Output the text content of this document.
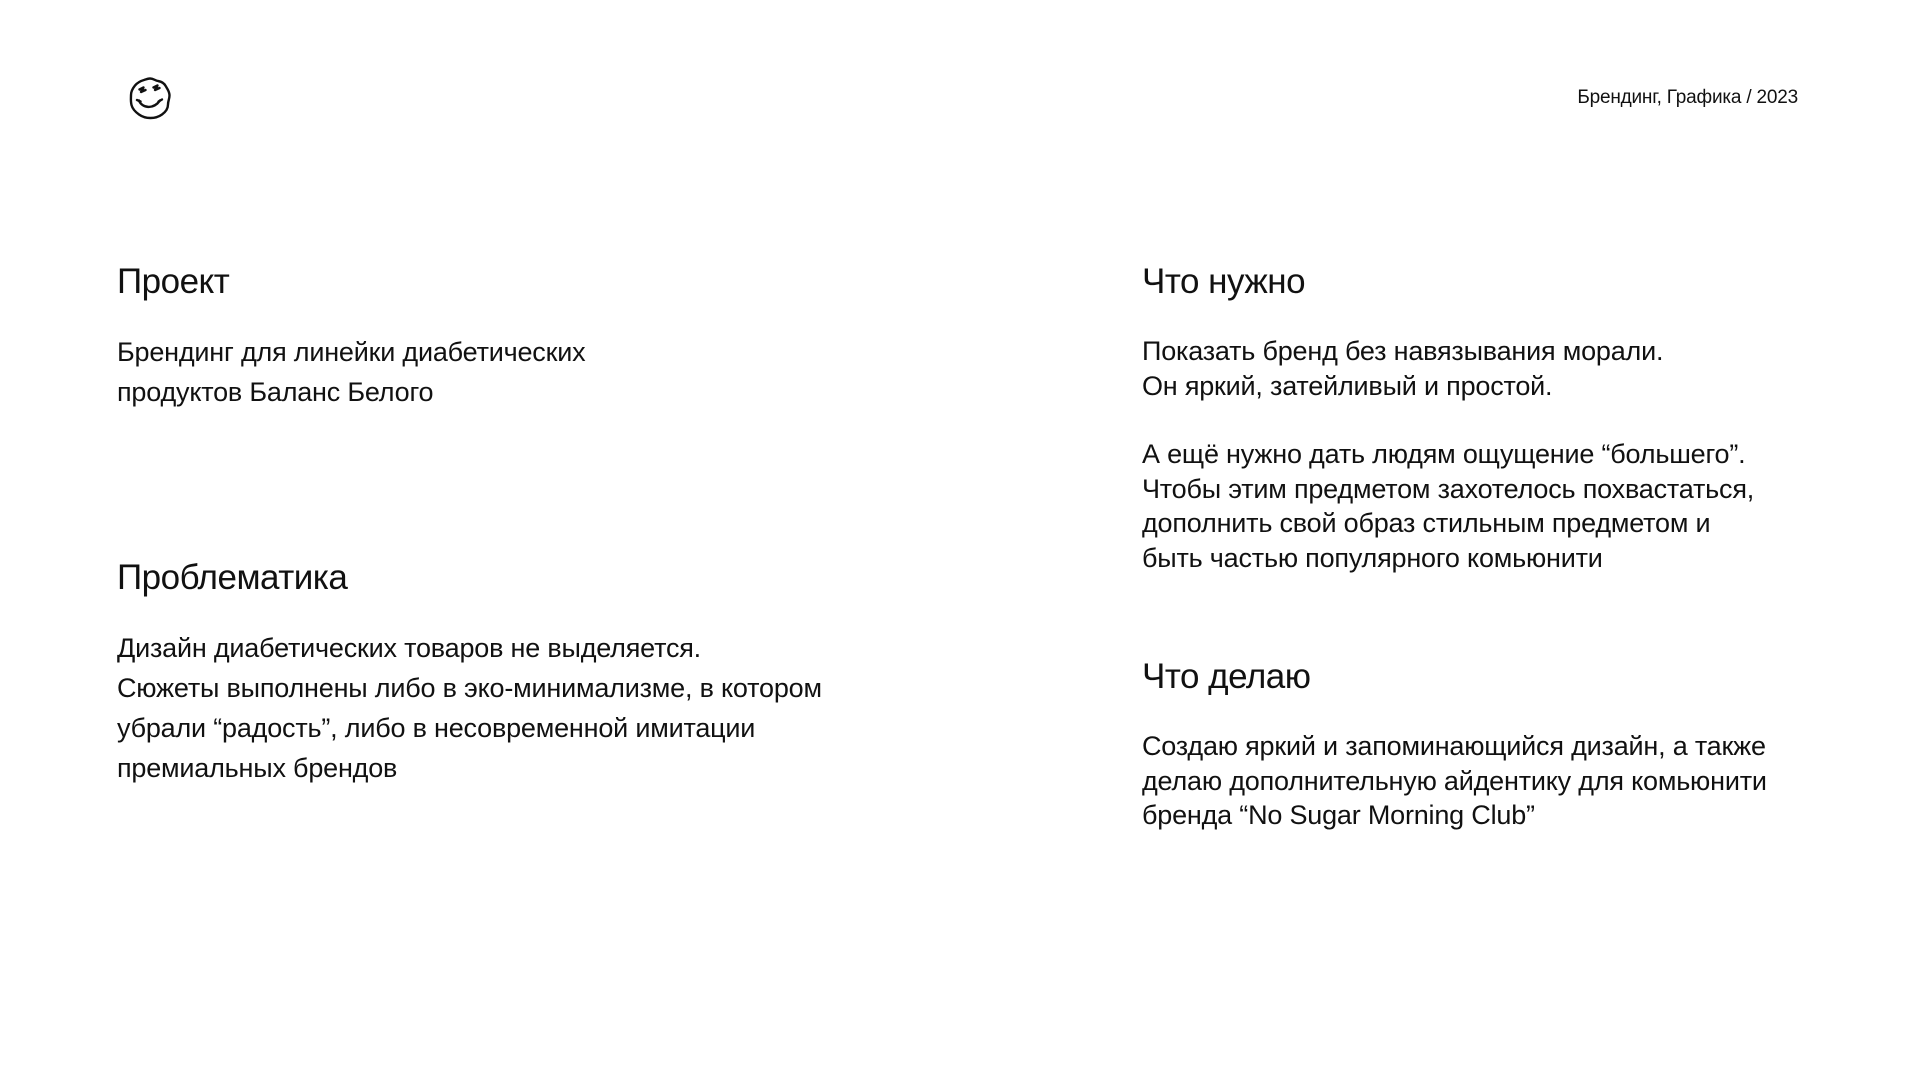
Брендинг, Графика / 2023
Проект

Брендинг для линейки диабетических
продуктов Баланс Белого

Проблематика

Дизайн диабетических товаров не выделяется.
Сюжеты выполнены либо в эко-минимализме, в котором
убрали “радость”, либо в несовременной имитации
премиальных брендов

Что нужно

Показать бренд без навязывания морали.
Он яркий, затейливый и простой.

А ещё нужно дать людям ощущение “большего”.
Чтобы этим предметом захотелось похвастаться,
дополнить свой образ стильным предметом и
быть частью популярного комьюнити

Что делаю

Создаю яркий и запоминающийся дизайн, а также
делаю дополнительную айдентику для комьюнити
бренда “No Sugar Morning Club”
